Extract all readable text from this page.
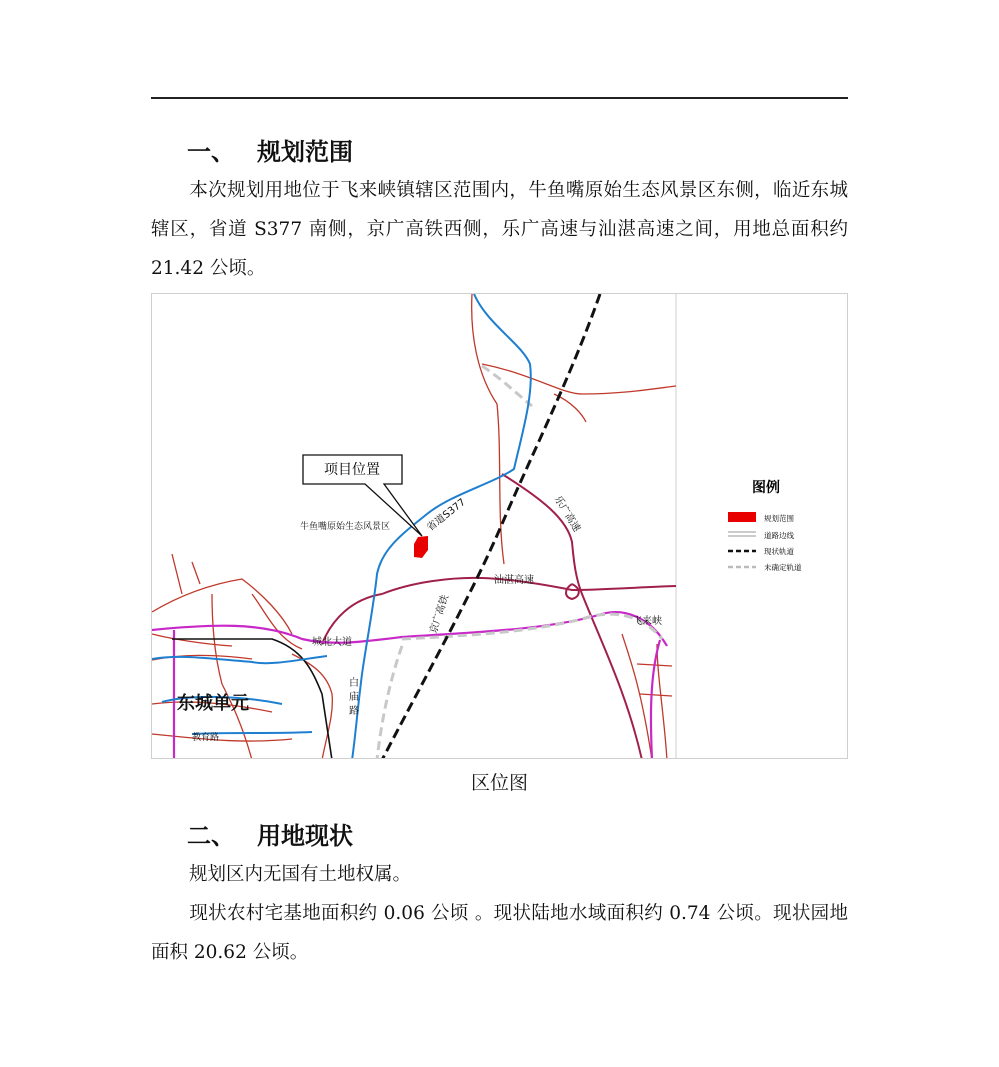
一、 规划范围
本次规划用地位于飞来峡镇辖区范围内，牛鱼嘴原始生态风景区东侧，临近东城辖区，省道 S377 南侧，京广高铁西侧，乐广高速与汕湛高速之间，用地总面积约 21.42 公顷。
项目位置
牛鱼嘴原始生态风景区	省道S377	乐广高速
汕湛高速
京广高铁	飞来峡
城北大道
白庙路
东城单元
教育路
图例
规划范围
道路边线
现状轨道
未确定轨道
区位图
二、 用地现状
规划区内无国有土地权属。
现状农村宅基地面积约 0.06 公顷 。现状陆地水域面积约 0.74 公顷。现状园地面积 20.62 公顷。
